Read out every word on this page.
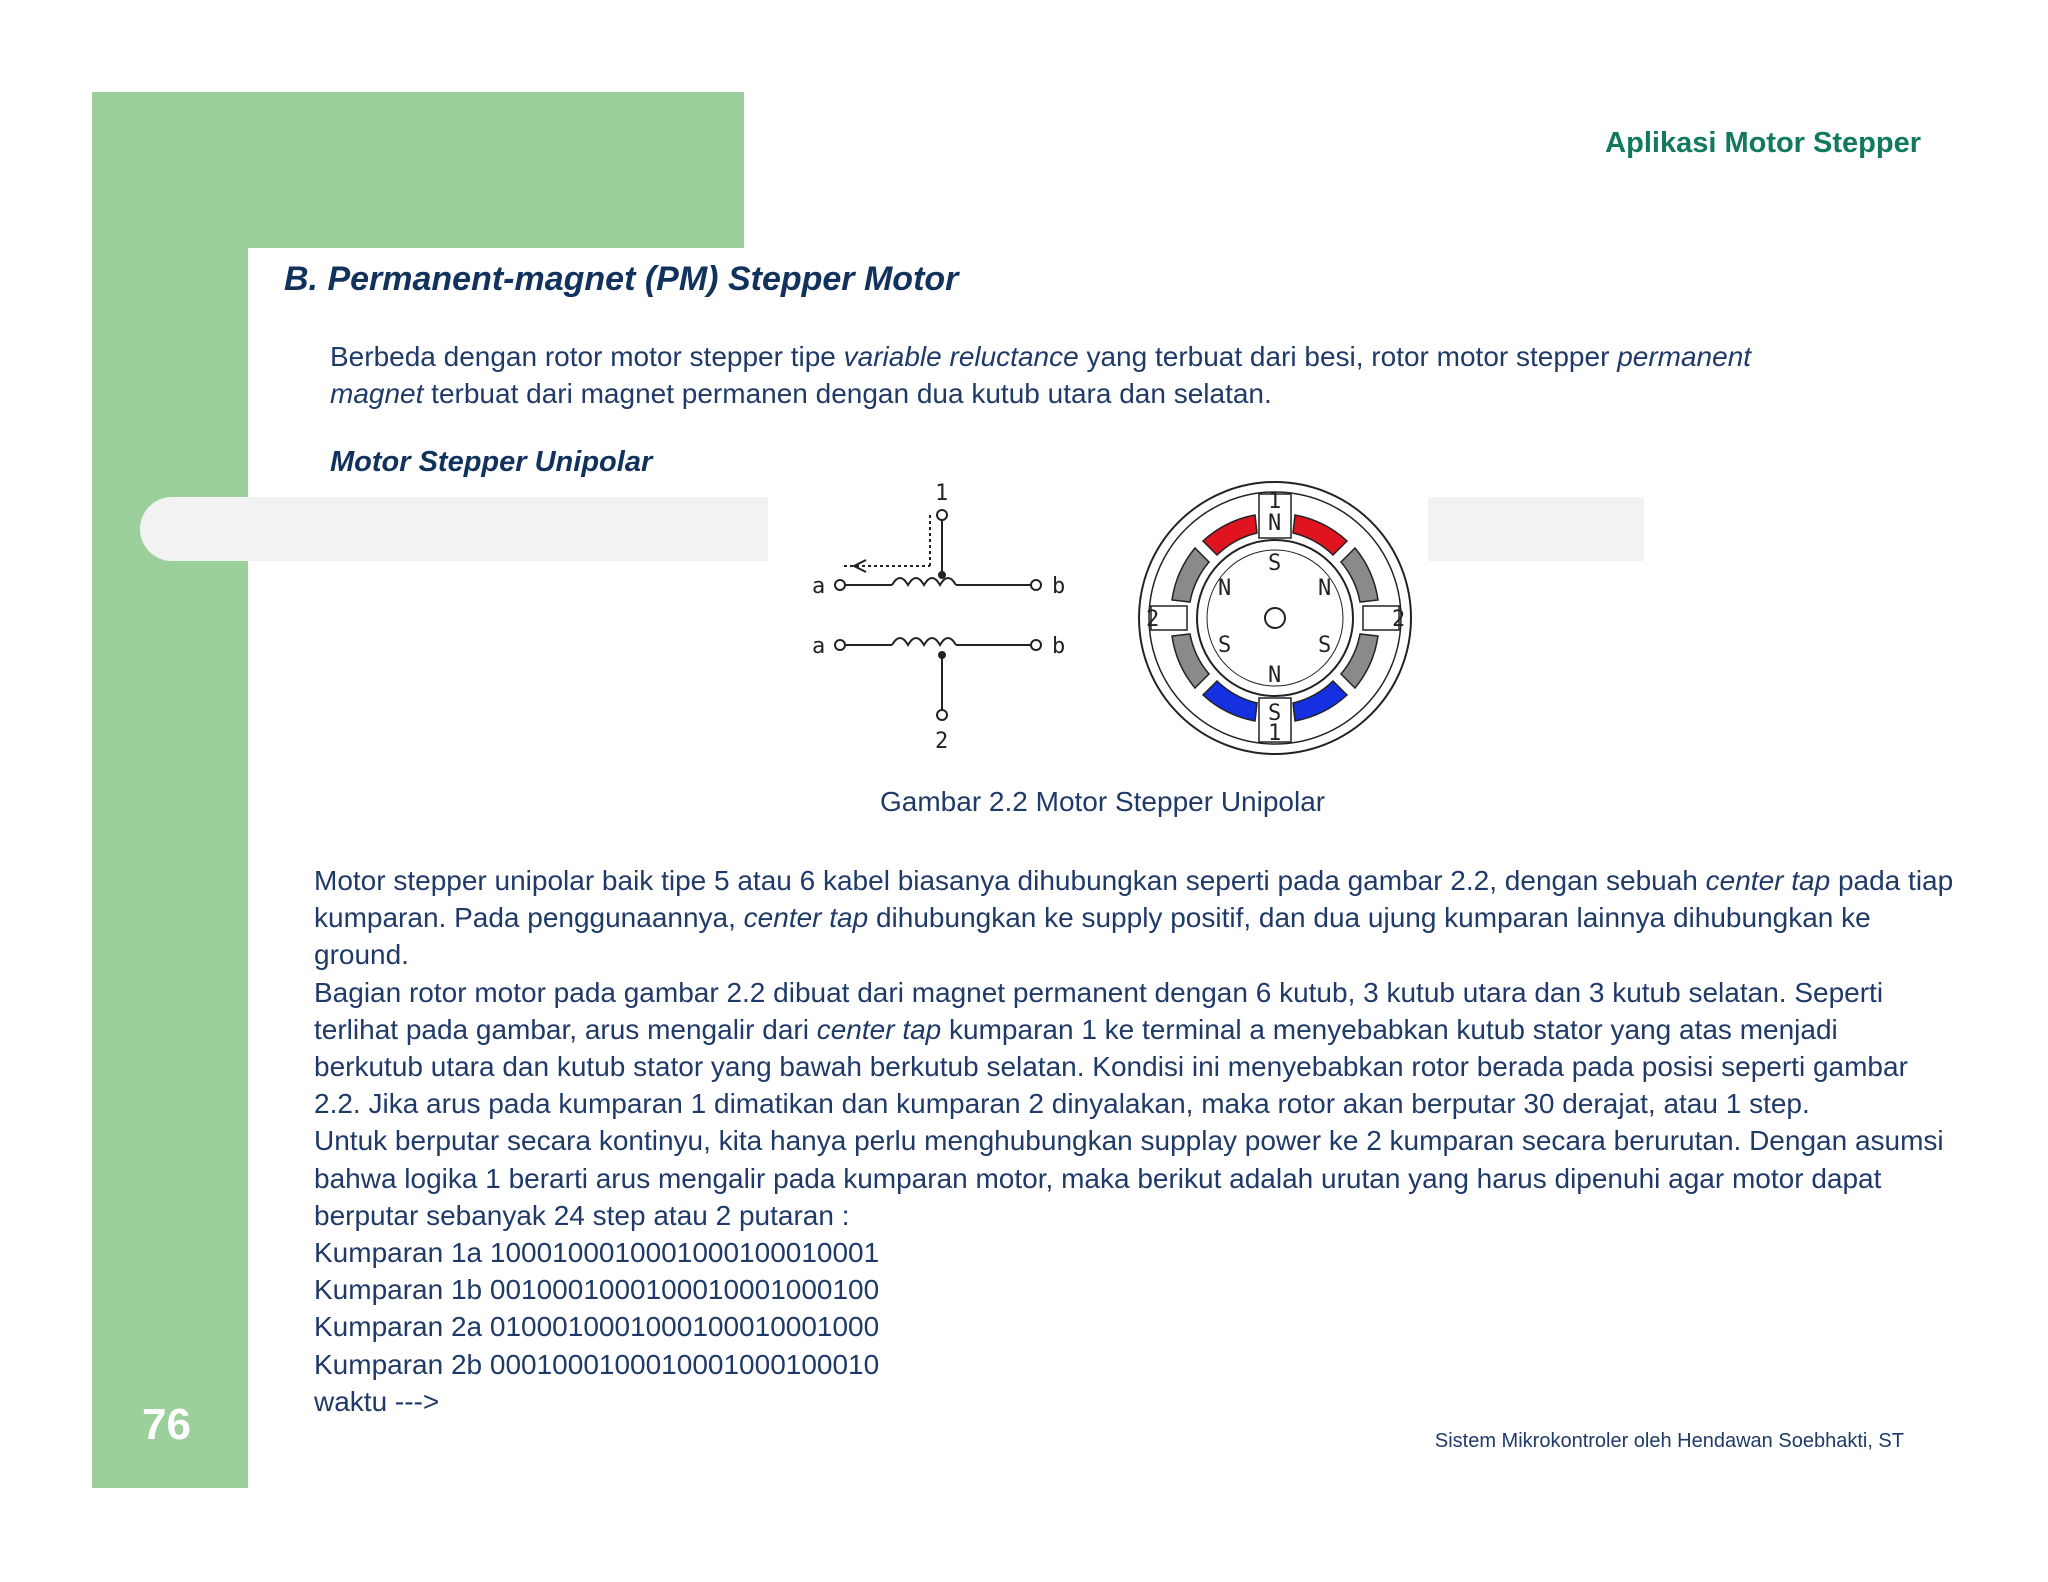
Aplikasi Motor Stepper
B. Permanent-magnet (PM) Stepper Motor
Berbeda dengan rotor motor stepper tipe variable reluctance yang terbuat dari besi, rotor motor stepper permanent magnet terbuat dari magnet permanen dengan dua kutub utara dan selatan.
Motor Stepper Unipolar
1
2
a	b
a	b
1
N
S
N	N
2	2
S	S
N
S
1
Gambar 2.2 Motor Stepper Unipolar

Motor stepper unipolar baik tipe 5 atau 6 kabel biasanya dihubungkan seperti pada gambar 2.2, dengan sebuah center tap pada tiap kumparan. Pada penggunaannya, center tap dihubungkan ke supply positif, dan dua ujung kumparan lainnya dihubungkan ke ground.

Bagian rotor motor pada gambar 2.2 dibuat dari magnet permanent dengan 6 kutub, 3 kutub utara dan 3 kutub selatan. Seperti terlihat pada gambar, arus mengalir dari center tap kumparan 1 ke terminal a menyebabkan kutub stator yang atas menjadi berkutub utara dan kutub stator yang bawah berkutub selatan. Kondisi ini menyebabkan rotor berada pada posisi seperti gambar 2.2. Jika arus pada kumparan 1 dimatikan dan kumparan 2 dinyalakan, maka rotor akan berputar 30 derajat, atau 1 step.

Untuk berputar secara kontinyu, kita hanya perlu menghubungkan supplay power ke 2 kumparan secara berurutan. Dengan asumsi bahwa logika 1 berarti arus mengalir pada kumparan motor, maka berikut adalah urutan yang harus dipenuhi agar motor dapat berputar sebanyak 24 step atau 2 putaran :

Kumparan 1a 100010001000100010001000​1

Kumparan 1b 001000100010001000100010​0

Kumparan 2a 010001000100010001000100​0

Kumparan 2b 000100010001000100010001​0

waktu --->

76	Sistem Mikrokontroler oleh Hendawan Soebhakti, ST
